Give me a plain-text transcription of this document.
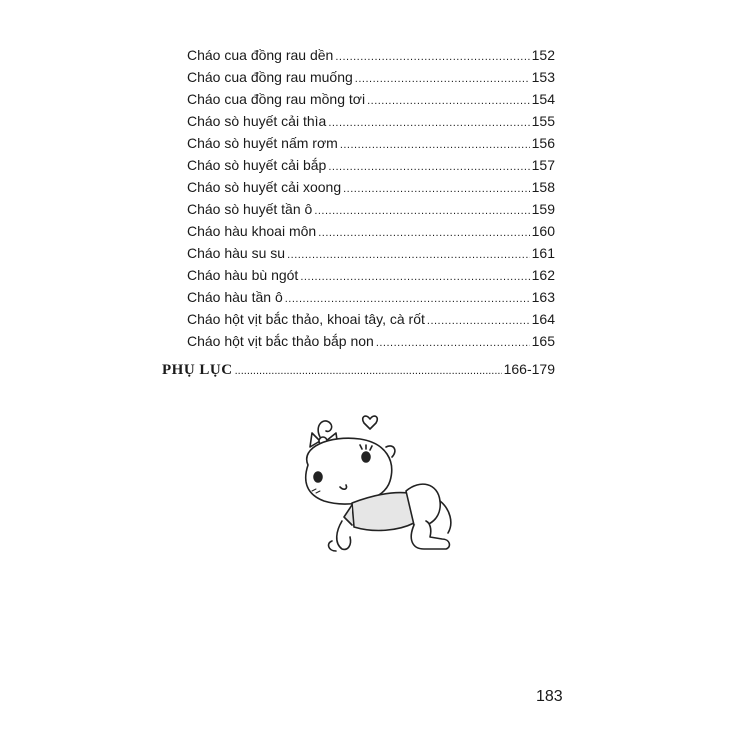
Cháo cua đồng rau dền .....	152
Cháo cua đồng rau muống .....	153
Cháo cua đồng rau mồng tơi .....	154
Cháo sò huyết cải thìa .....	155
Cháo sò huyết nấm rơm .....	156
Cháo sò huyết cải bắp .....	157
Cháo sò huyết cải xoong .....	158
Cháo sò huyết tần ô .....	159
Cháo hàu khoai môn .....	160
Cháo hàu su su .....	161
Cháo hàu bù ngót .....	162
Cháo hàu tần ô .....	163
Cháo hột vịt bắc thảo, khoai tây, cà rốt .....	164
Cháo hột vịt bắc thảo bắp non .....	165
PHỤ LỤC .....	166-179
183
